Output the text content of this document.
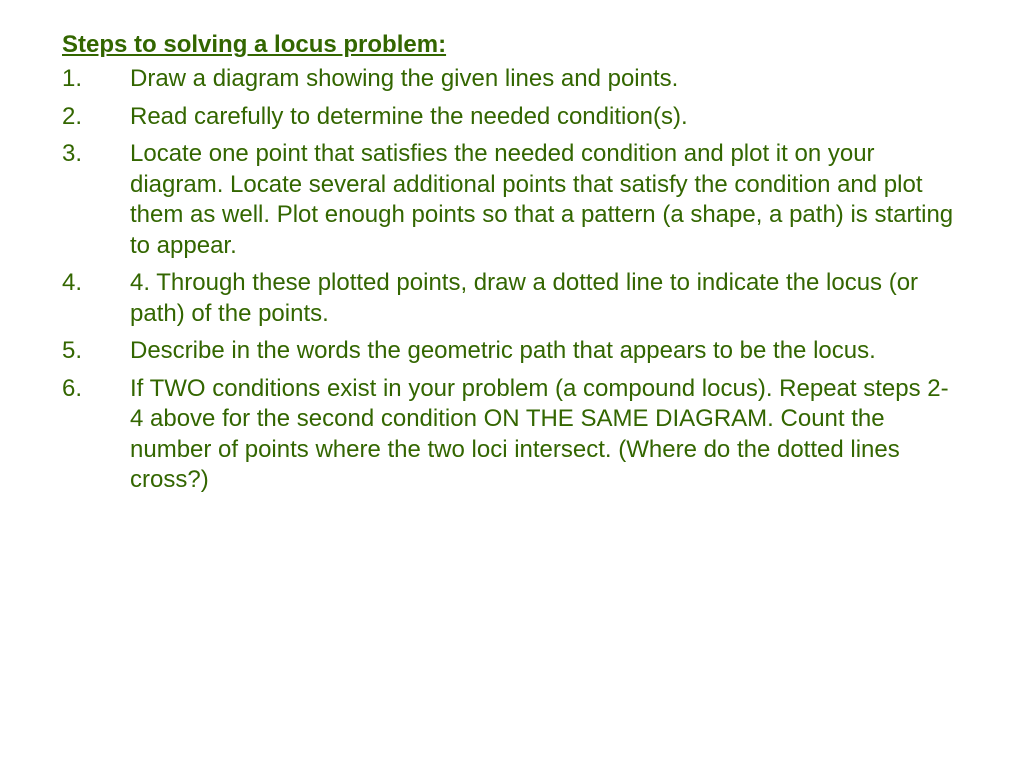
Steps to solving a locus problem:
1.	Draw a diagram showing the given lines and points.
2.	Read carefully to determine the needed condition(s).
3.	Locate one point that satisfies the needed condition and plot it on your diagram. Locate several additional points that satisfy the condition and plot them as well. Plot enough points so that a pattern (a shape, a path) is starting to appear.
4.	4. Through these plotted points, draw a dotted line to indicate the locus (or path) of the points.
5.	Describe in the words the geometric path that appears to be the locus.
6.	If TWO conditions exist in your problem (a compound locus). Repeat steps 2-4 above for the second condition ON THE SAME DIAGRAM. Count the number of points where the two loci intersect. (Where do the dotted lines cross?)
